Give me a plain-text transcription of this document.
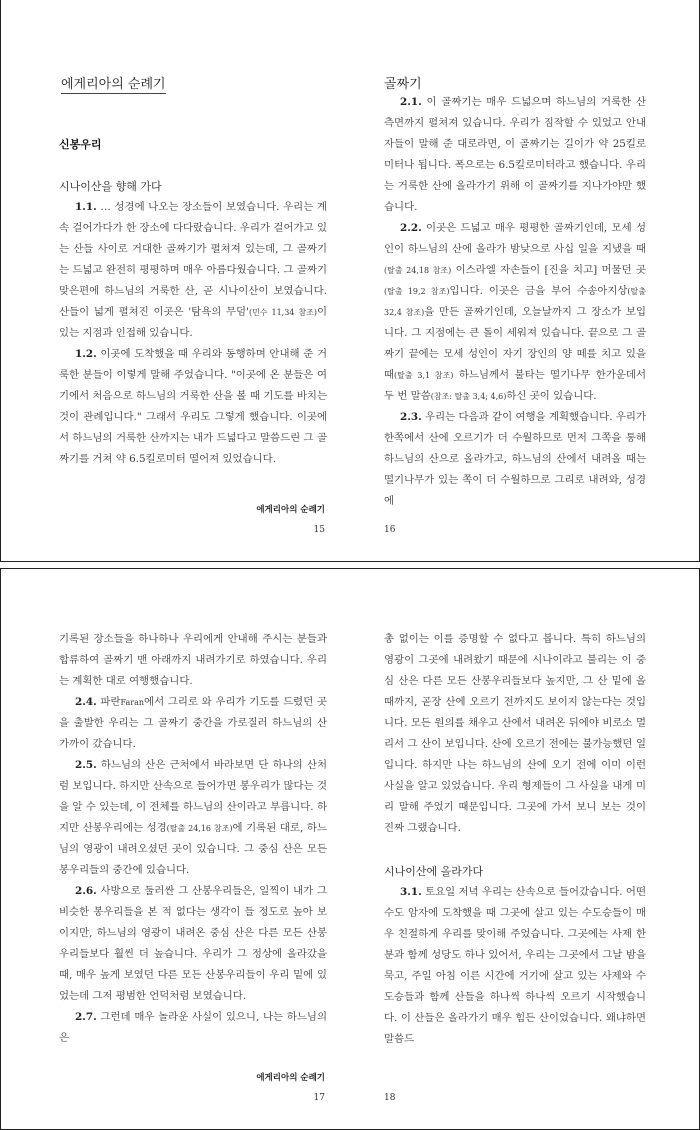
에게리아의 순례기

신봉우리

시나이산을 향해 가다

1.1. … 성경에 나오는 장소들이 보였습니다. 우리는 계속 걸어가다가 한 장소에 다다랐습니다. 우리가 걸어가고 있는 산들 사이로 거대한 골짜기가 펼쳐져 있는데, 그 골짜기는 드넓고 완전히 평평하며 매우 아름다웠습니다. 그 골짜기 맞은편에 하느님의 거룩한 산, 곧 시나이산이 보였습니다. 산들이 넓게 펼쳐진 이곳은 '탐욕의 무덤'(민수 11,34 참조)이 있는 지점과 인접해 있습니다.

1.2. 이곳에 도착했을 때 우리와 동행하며 안내해 준 거룩한 분들이 이렇게 말해 주었습니다. "이곳에 온 분들은 여기에서 처음으로 하느님의 거룩한 산을 볼 때 기도를 바치는 것이 관례입니다." 그래서 우리도 그렇게 했습니다. 이곳에서 하느님의 거룩한 산까지는 내가 드넓다고 말씀드린 그 골짜기를 거쳐 약 6.5킬로미터 떨어져 있었습니다.

에게리아의 순례기
15
골짜기

2.1. 이 골짜기는 매우 드넓으며 하느님의 거룩한 산 측면까지 펼쳐져 있습니다. 우리가 짐작할 수 있었고 안내자들이 말해 준 대로라면, 이 골짜기는 길이가 약 25킬로미터나 됩니다. 폭으로는 6.5킬로미터라고 했습니다. 우리는 거룩한 산에 올라가기 위해 이 골짜기를 지나가야만 했습니다.

2.2. 이곳은 드넓고 매우 평평한 골짜기인데, 모세 성인이 하느님의 산에 올라가 밤낮으로 사십 일을 지냈을 때(탈출 24,18 참조) 이스라엘 자손들이 [진을 치고] 머물던 곳(탈출 19,2 참조)입니다. 이곳은 금을 부어 수송아지상(탈출 32,4 참조)을 만든 골짜기인데, 오늘날까지 그 장소가 보입니다. 그 지점에는 큰 돌이 세워져 있습니다. 끝으로 그 골짜기 끝에는 모세 성인이 자기 장인의 양 떼를 치고 있을 때(탈출 3,1 참조) 하느님께서 불타는 떨기나무 한가운데서 두 번 말씀(참조: 탈출 3,4; 4,6)하신 곳이 있습니다.

2.3. 우리는 다음과 같이 여행을 계획했습니다. 우리가 한쪽에서 산에 오르기가 더 수월하므로 먼저 그쪽을 통해 하느님의 산으로 올라가고, 하느님의 산에서 내려올 때는 떨기나무가 있는 쪽이 더 수월하므로 그리로 내려와, 성경에

16

기록된 장소들을 하나하나 우리에게 안내해 주시는 분들과 합류하여 골짜기 맨 아래까지 내려가기로 하였습니다. 우리는 계획한 대로 여행했습니다.

2.4. 파란Faran에서 그리로 와 우리가 기도를 드렸던 곳을 출발한 우리는 그 골짜기 중간을 가로질러 하느님의 산 가까이 갔습니다.

2.5. 하느님의 산은 근처에서 바라보면 단 하나의 산처럼 보입니다. 하지만 산속으로 들어가면 봉우리가 많다는 것을 알 수 있는데, 이 전체를 하느님의 산이라고 부릅니다. 하지만 산봉우리에는 성경(탈출 24,16 참조)에 기록된 대로, 하느님의 영광이 내려오셨던 곳이 있습니다. 그 중심 산은 모든 봉우리들의 중간에 있습니다.

2.6. 사방으로 둘러싼 그 산봉우리들은, 일찍이 내가 그 비슷한 봉우리들을 본 적 없다는 생각이 들 정도로 높아 보이지만, 하느님의 영광이 내려온 중심 산은 다른 모든 산봉우리들보다 훨씬 더 높습니다. 우리가 그 정상에 올라갔을 때, 매우 높게 보였던 다른 모든 산봉우리들이 우리 밑에 있었는데 그저 평범한 언덕처럼 보였습니다.

2.7. 그런데 매우 놀라운 사실이 있으니, 나는 하느님의 은

에게리아의 순례기
17

총 없이는 이를 증명할 수 없다고 봅니다. 특히 하느님의 영광이 그곳에 내려왔기 때문에 시나이라고 불리는 이 중심 산은 다른 모든 산봉우리들보다 높지만, 그 산 밑에 올 때까지, 곧장 산에 오르기 전까지도 보이지 않는다는 것입니다. 모든 원의를 채우고 산에서 내려온 뒤에야 비로소 멀리서 그 산이 보입니다. 산에 오르기 전에는 불가능했던 일입니다. 하지만 나는 하느님의 산에 오기 전에 이미 이런 사실을 알고 있었습니다. 우리 형제들이 그 사실을 내게 미리 말해 주었기 때문입니다. 그곳에 가서 보니 보는 것이 진짜 그랬습니다.

시나이산에 올라가다

3.1. 토요일 저녁 우리는 산속으로 들어갔습니다. 어떤 수도 암자에 도착했을 때 그곳에 살고 있는 수도승들이 매우 친절하게 우리를 맞이해 주었습니다. 그곳에는 사제 한 분과 함께 성당도 하나 있어서, 우리는 그곳에서 그날 밤을 묵고, 주일 아침 이른 시간에 거기에 살고 있는 사제와 수도승들과 함께 산들을 하나씩 하나씩 오르기 시작했습니다. 이 산들은 올라가기 매우 힘든 산이었습니다. 왜냐하면 말씀드

18
